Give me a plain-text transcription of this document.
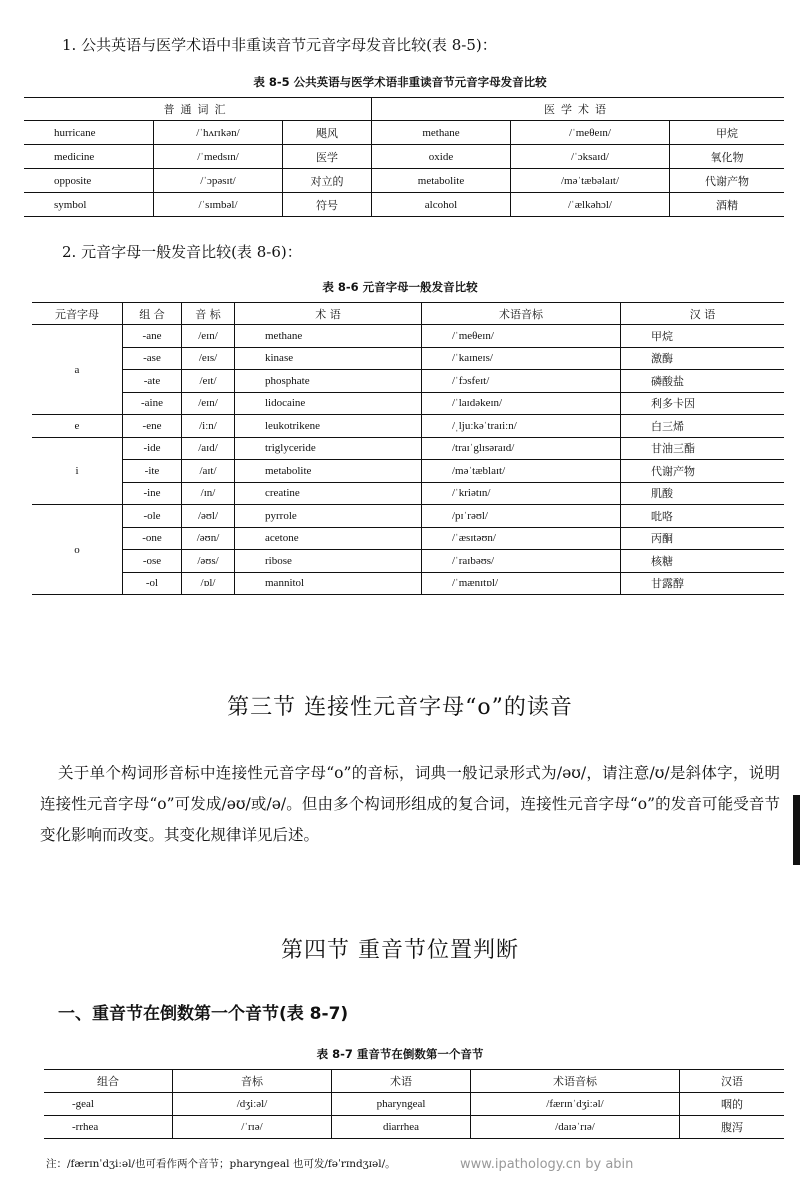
1. 公共英语与医学术语中非重读音节元音字母发音比较(表 8-5)：
表 8-5 公共英语与医学术语非重读音节元音字母发音比较
普通词汇			医学术语		
hurricane	/ˈhʌrɪkən/	飓风	methane	/ˈmeθeɪn/	甲烷
medicine	/ˈmedsɪn/	医学	oxide	/ˈɔksaɪd/	氧化物
opposite	/ˈɔpəsɪt/	对立的	metabolite	/məˈtæbəlaɪt/	代谢产物
symbol	/ˈsɪmbəl/	符号	alcohol	/ˈælkəhɔl/	酒精
2. 元音字母一般发音比较(表 8-6)：
表 8-6 元音字母一般发音比较
元音字母	组 合	音 标	术 语	术语音标	汉 语
a	-ane	/eɪn/	methane	/ˈmeθeɪn/	甲烷
	-ase	/eɪs/	kinase	/ˈkaɪneɪs/	激酶
	-ate	/eɪt/	phosphate	/ˈfɔsfeɪt/	磷酸盐
	-aine	/eɪn/	lidocaine	/ˈlaɪdəkeɪn/	利多卡因
e	-ene	/iːn/	leukotrikene	/ˌljuːkəˈtraɪiːn/	白三烯
i	-ide	/aɪd/	triglyceride	/traɪˈglɪsəraɪd/	甘油三酯
	-ite	/aɪt/	metabolite	/məˈtæblaɪt/	代谢产物
	-ine	/ɪn/	creatine	/ˈkriətɪn/	肌酸
o	-ole	/əʊl/	pyrrole	/pɪˈrəʊl/	吡咯
	-one	/əʊn/	acetone	/ˈæsɪtəʊn/	丙酮
	-ose	/əʊs/	ribose	/ˈraɪbəʊs/	核糖
	-ol	/ɒl/	mannitol	/ˈmænɪtɒl/	甘露醇
第三节 连接性元音字母“o”的读音
关于单个构词形音标中连接性元音字母“o”的音标，词典一般记录形式为/əʊ/，请注意/ʊ/是斜体字，说明连接性元音字母“o”可发成/əʊ/或/ə/。但由多个构词形组成的复合词，连接性元音字母“o”的发音可能受音节变化影响而改变。其变化规律详见后述。
第四节 重音节位置判断
一、重音节在倒数第一个音节(表 8-7)
表 8-7 重音节在倒数第一个音节
组合	音标	术语	术语音标	汉语
-geal	/dʒiːəl/	pharyngeal	/færɪnˈdʒiːəl/	咽的
-rrhea	/ˈrɪə/	diarrhea	/daɪəˈrɪə/	腹泻
注：/færɪnˈdʒiːəl/也可看作两个音节；pharyngeal 也可发/fəˈrɪndʒɪəl/。	www.ipathology.cn by abin
